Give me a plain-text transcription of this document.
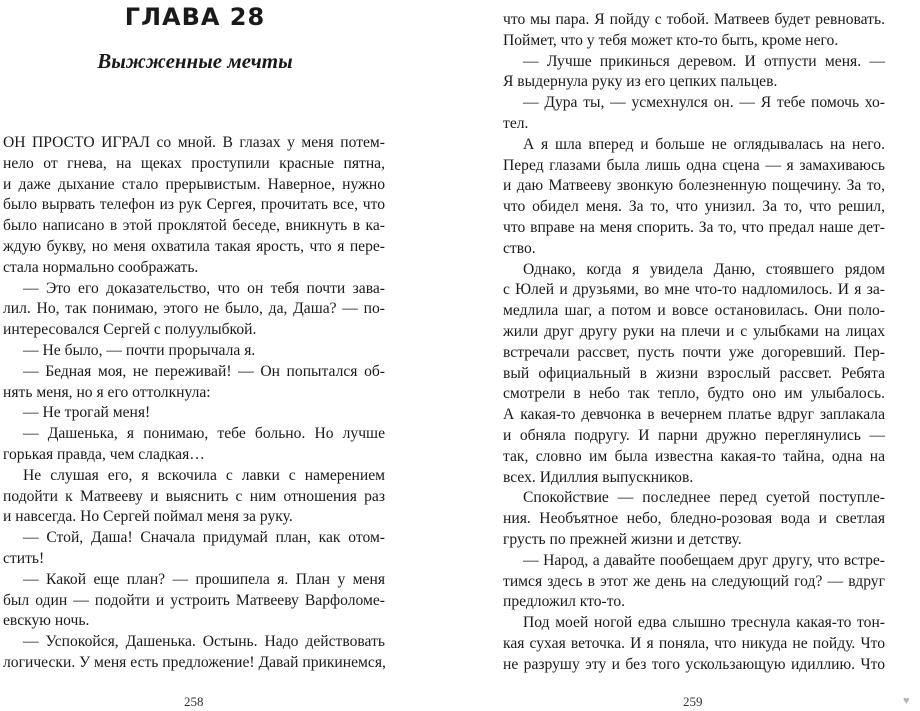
ГЛАВА 28
Выжженные мечты
ОН ПРОСТО ИГРАЛ со мной. В глазах у меня потем-
нело от гнева, на щеках проступили красные пятна,
и даже дыхание стало прерывистым. Наверное, нужно
было вырвать телефон из рук Сергея, прочитать все, что
было написано в этой проклятой беседе, вникнуть в ка-
ждую букву, но меня охватила такая ярость, что я пере-
стала нормально соображать.
— Это его доказательство, что он тебя почти зава-
лил. Но, так понимаю, этого не было, да, Даша? — по-
интересовался Сергей с полуулыбкой.
— Не было, — почти прорычала я.
— Бедная моя, не переживай! — Он попытался об-
нять меня, но я его оттолкнула:
— Не трогай меня!
— Дашенька, я понимаю, тебе больно. Но лучше
горькая правда, чем сладкая…
Не слушая его, я вскочила с лавки с намерением
подойти к Матвееву и выяснить с ним отношения раз
и навсегда. Но Сергей поймал меня за руку.
— Стой, Даша! Сначала придумай план, как отом-
стить!
— Какой еще план? — прошипела я. План у меня
был один — подойти и устроить Матвееву Варфоломе-
евскую ночь.
— Успокойся, Дашенька. Остынь. Надо действовать
логически. У меня есть предложение! Давай прикинемся,
258
что мы пара. Я пойду с тобой. Матвеев будет ревновать.
Поймет, что у тебя может кто-то быть, кроме него.
— Лучше прикинься деревом. И отпусти меня. —
Я выдернула руку из его цепких пальцев.
— Дура ты, — усмехнулся он. — Я тебе помочь хо-
тел.
А я шла вперед и больше не оглядывалась на него.
Перед глазами была лишь одна сцена — я замахиваюсь
и даю Матвееву звонкую болезненную пощечину. За то,
что обидел меня. За то, что унизил. За то, что решил,
что вправе на меня спорить. За то, что предал наше дет-
ство.
Однако, когда я увидела Даню, стоявшего рядом
с Юлей и друзьями, во мне что-то надломилось. И я за-
медлила шаг, а потом и вовсе остановилась. Они поло-
жили друг другу руки на плечи и с улыбками на лицах
встречали рассвет, пусть почти уже догоревший. Пер-
вый официальный в жизни взрослый рассвет. Ребята
смотрели в небо так тепло, будто оно им улыбалось.
А какая-то девчонка в вечернем платье вдруг заплакала
и обняла подругу. И парни дружно переглянулись —
так, словно им была известна какая-то тайна, одна на
всех. Идиллия выпускников.
Спокойствие — последнее перед суетой поступле-
ния. Необъятное небо, бледно-розовая вода и светлая
грусть по прежней жизни и детству.
— Народ, а давайте пообещаем друг другу, что встре-
тимся здесь в этот же день на следующий год? — вдруг
предложил кто-то.
Под моей ногой едва слышно треснула какая-то тон-
кая сухая веточка. И я поняла, что никуда не пойду. Что
не разрушу эту и без того ускользающую идиллию. Что
259	♥
